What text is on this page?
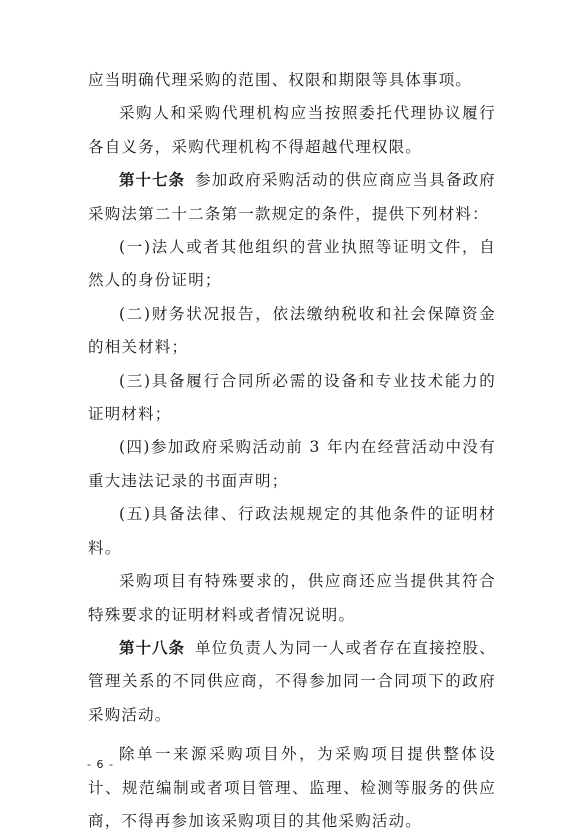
应当明确代理采购的范围、权限和期限等具体事项。

采购人和采购代理机构应当按照委托代理协议履行各自义务，采购代理机构不得超越代理权限。

第十七条 参加政府采购活动的供应商应当具备政府采购法第二十二条第一款规定的条件，提供下列材料：

(一)法人或者其他组织的营业执照等证明文件，自然人的身份证明；

(二)财务状况报告，依法缴纳税收和社会保障资金的相关材料；

(三)具备履行合同所必需的设备和专业技术能力的证明材料；

(四)参加政府采购活动前 3 年内在经营活动中没有重大违法记录的书面声明；

(五)具备法律、行政法规规定的其他条件的证明材料。

采购项目有特殊要求的，供应商还应当提供其符合特殊要求的证明材料或者情况说明。

第十八条 单位负责人为同一人或者存在直接控股、管理关系的不同供应商，不得参加同一合同项下的政府采购活动。

除单一来源采购项目外，为采购项目提供整体设计、规范编制或者项目管理、监理、检测等服务的供应商，不得再参加该采购项目的其他采购活动。

- 6 -
